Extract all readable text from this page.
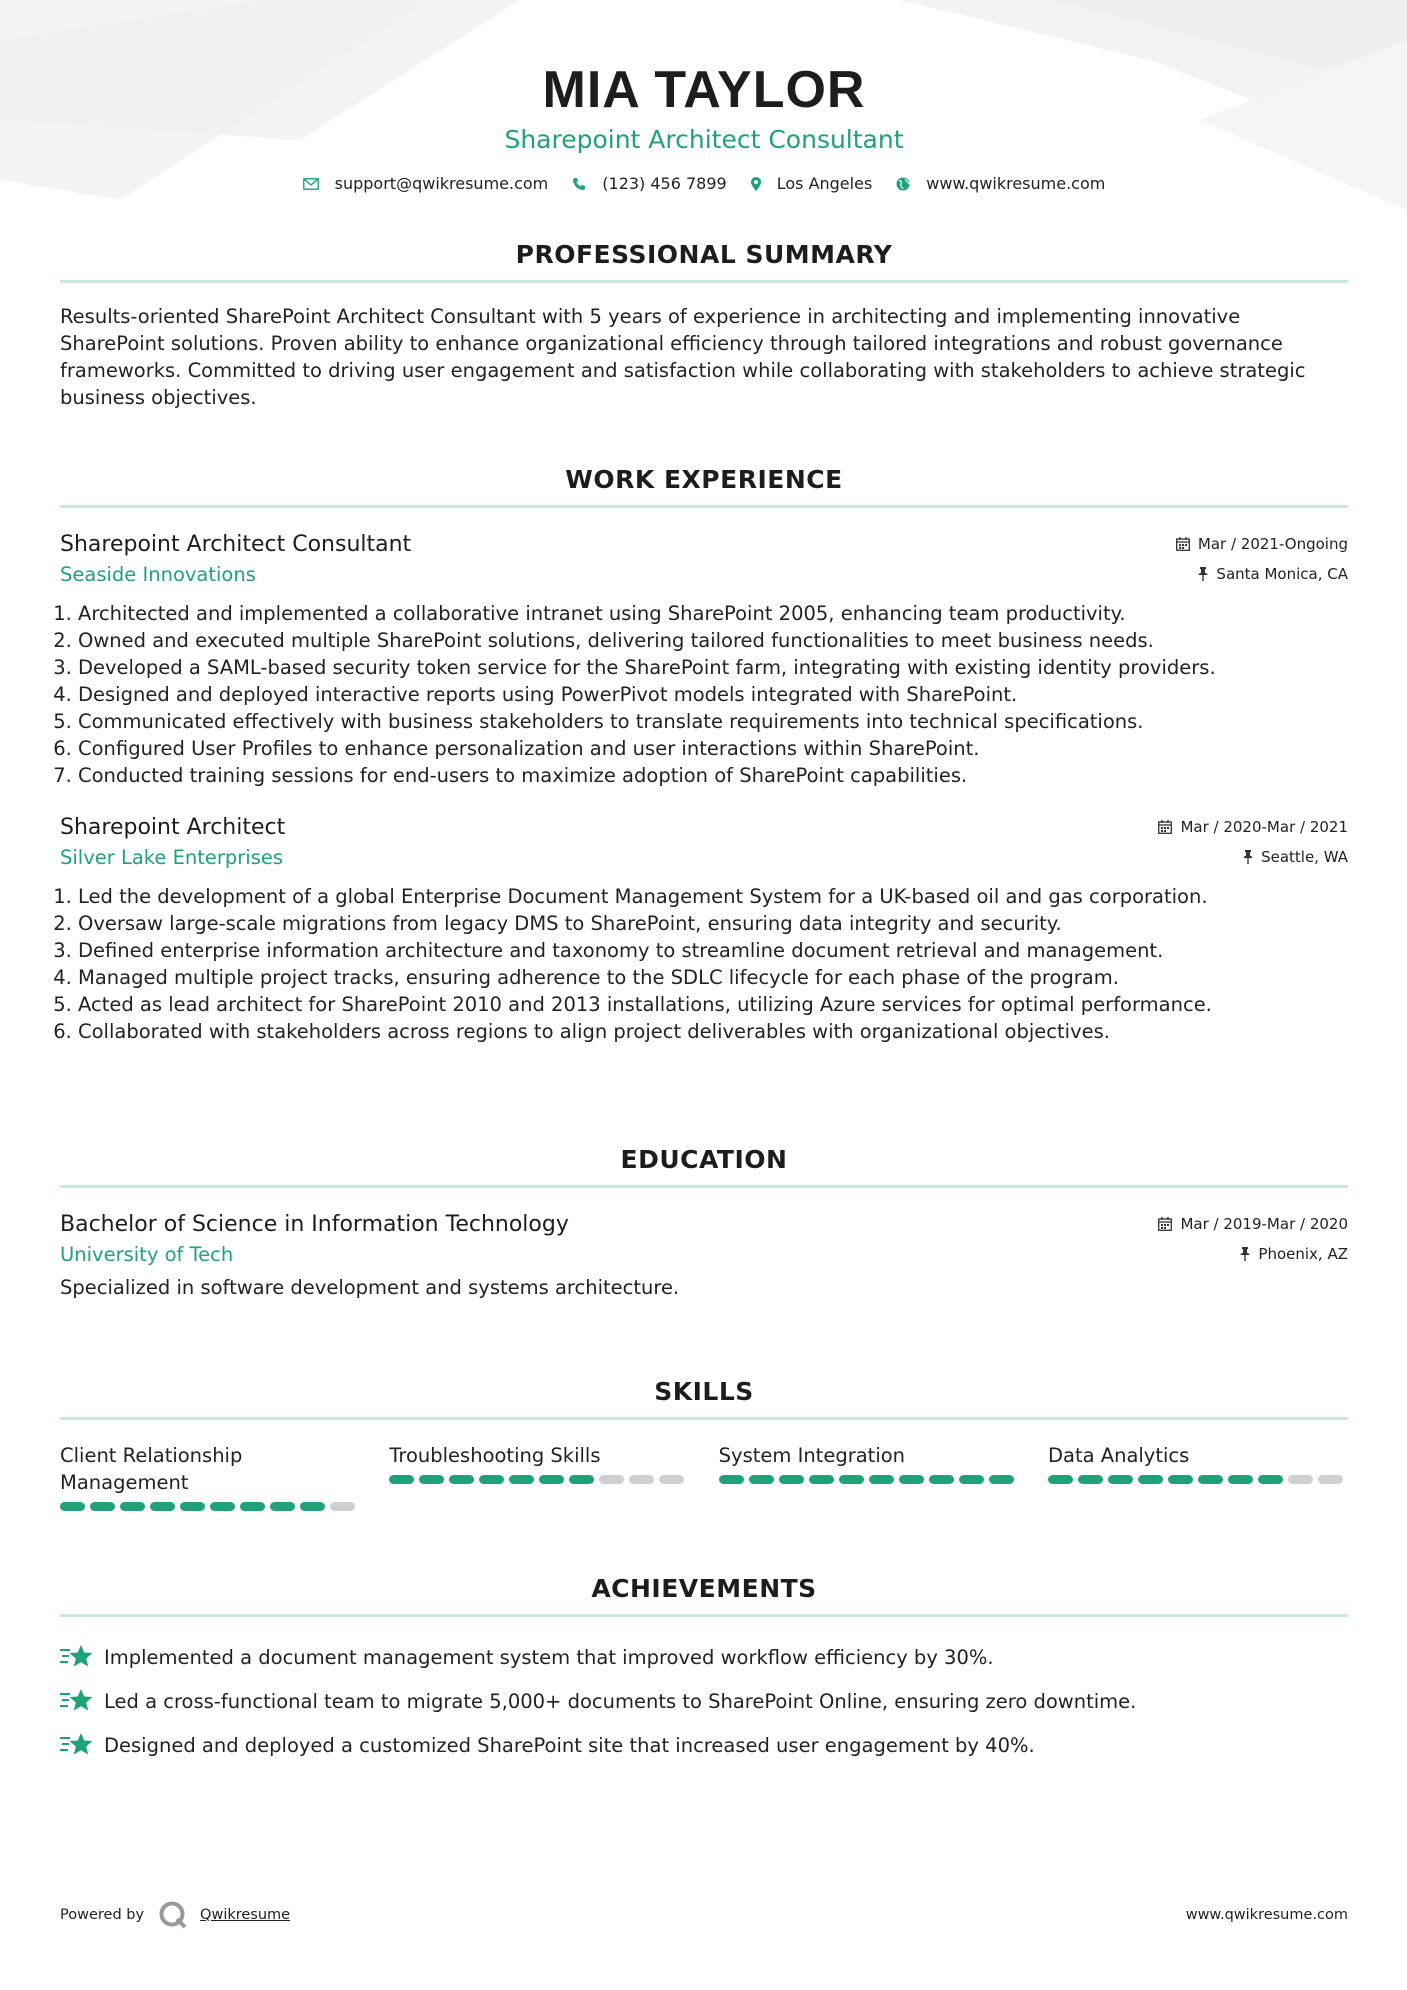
MIA TAYLOR
Sharepoint Architect Consultant
support@qwikresume.com	(123) 456 7899	Los Angeles	www.qwikresume.com
PROFESSIONAL SUMMARY
Results-oriented SharePoint Architect Consultant with 5 years of experience in architecting and implementing innovative SharePoint solutions. Proven ability to enhance organizational efficiency through tailored integrations and robust governance frameworks. Committed to driving user engagement and satisfaction while collaborating with stakeholders to achieve strategic business objectives.
WORK EXPERIENCE
Sharepoint Architect Consultant	Mar / 2021-Ongoing
Seaside Innovations	Santa Monica, CA
1. Architected and implemented a collaborative intranet using SharePoint 2005, enhancing team productivity.
2. Owned and executed multiple SharePoint solutions, delivering tailored functionalities to meet business needs.
3. Developed a SAML-based security token service for the SharePoint farm, integrating with existing identity providers.
4. Designed and deployed interactive reports using PowerPivot models integrated with SharePoint.
5. Communicated effectively with business stakeholders to translate requirements into technical specifications.
6. Configured User Profiles to enhance personalization and user interactions within SharePoint.
7. Conducted training sessions for end-users to maximize adoption of SharePoint capabilities.
Sharepoint Architect	Mar / 2020-Mar / 2021
Silver Lake Enterprises	Seattle, WA
1. Led the development of a global Enterprise Document Management System for a UK-based oil and gas corporation.
2. Oversaw large-scale migrations from legacy DMS to SharePoint, ensuring data integrity and security.
3. Defined enterprise information architecture and taxonomy to streamline document retrieval and management.
4. Managed multiple project tracks, ensuring adherence to the SDLC lifecycle for each phase of the program.
5. Acted as lead architect for SharePoint 2010 and 2013 installations, utilizing Azure services for optimal performance.
6. Collaborated with stakeholders across regions to align project deliverables with organizational objectives.
EDUCATION
Bachelor of Science in Information Technology	Mar / 2019-Mar / 2020
University of Tech	Phoenix, AZ
Specialized in software development and systems architecture.
SKILLS
Client Relationship Management
Troubleshooting Skills	System Integration	Data Analytics
ACHIEVEMENTS
Implemented a document management system that improved workflow efficiency by 30%.
Led a cross-functional team to migrate 5,000+ documents to SharePoint Online, ensuring zero downtime.
Designed and deployed a customized SharePoint site that increased user engagement by 40%.
Powered by	Qwikresume	www.qwikresume.com
